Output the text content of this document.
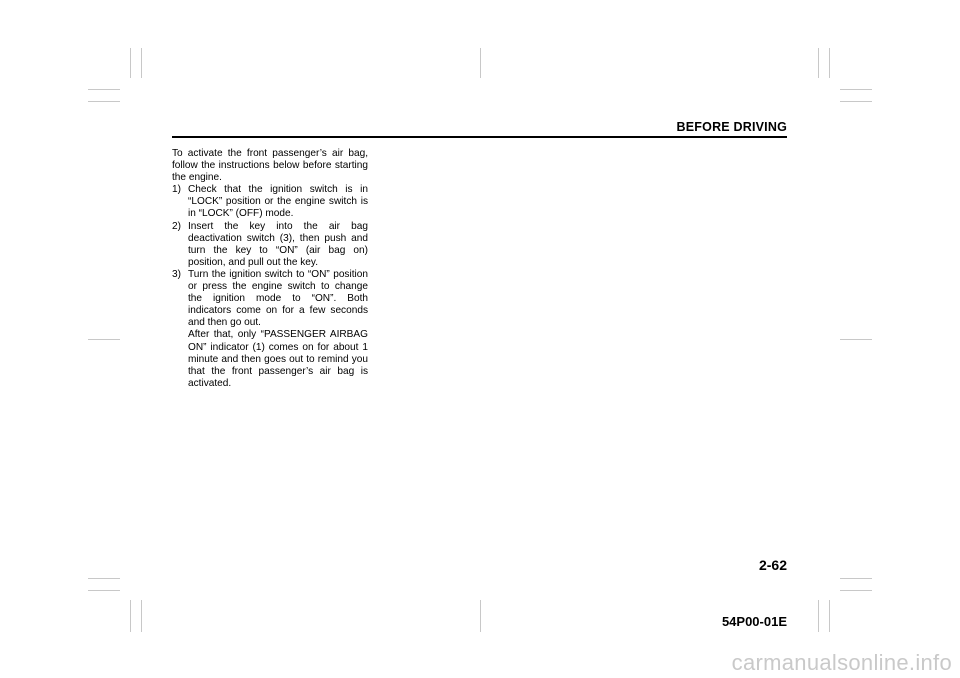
BEFORE DRIVING

To activate the front passenger’s air bag, follow the instructions below before starting the engine.

1) Check that the ignition switch is in “LOCK” position or the engine switch is in “LOCK” (OFF) mode.
2) Insert the key into the air bag deactivation switch (3), then push and turn the key to “ON” (air bag on) position, and pull out the key.
3) Turn the ignition switch to “ON” position or press the engine switch to change the ignition mode to “ON”. Both indicators come on for a few seconds and then go out.
After that, only “PASSENGER AIRBAG ON” indicator (1) comes on for about 1 minute and then goes out to remind you that the front passenger’s air bag is activated.
2-62
54P00-01E
carmanualsonline.info
